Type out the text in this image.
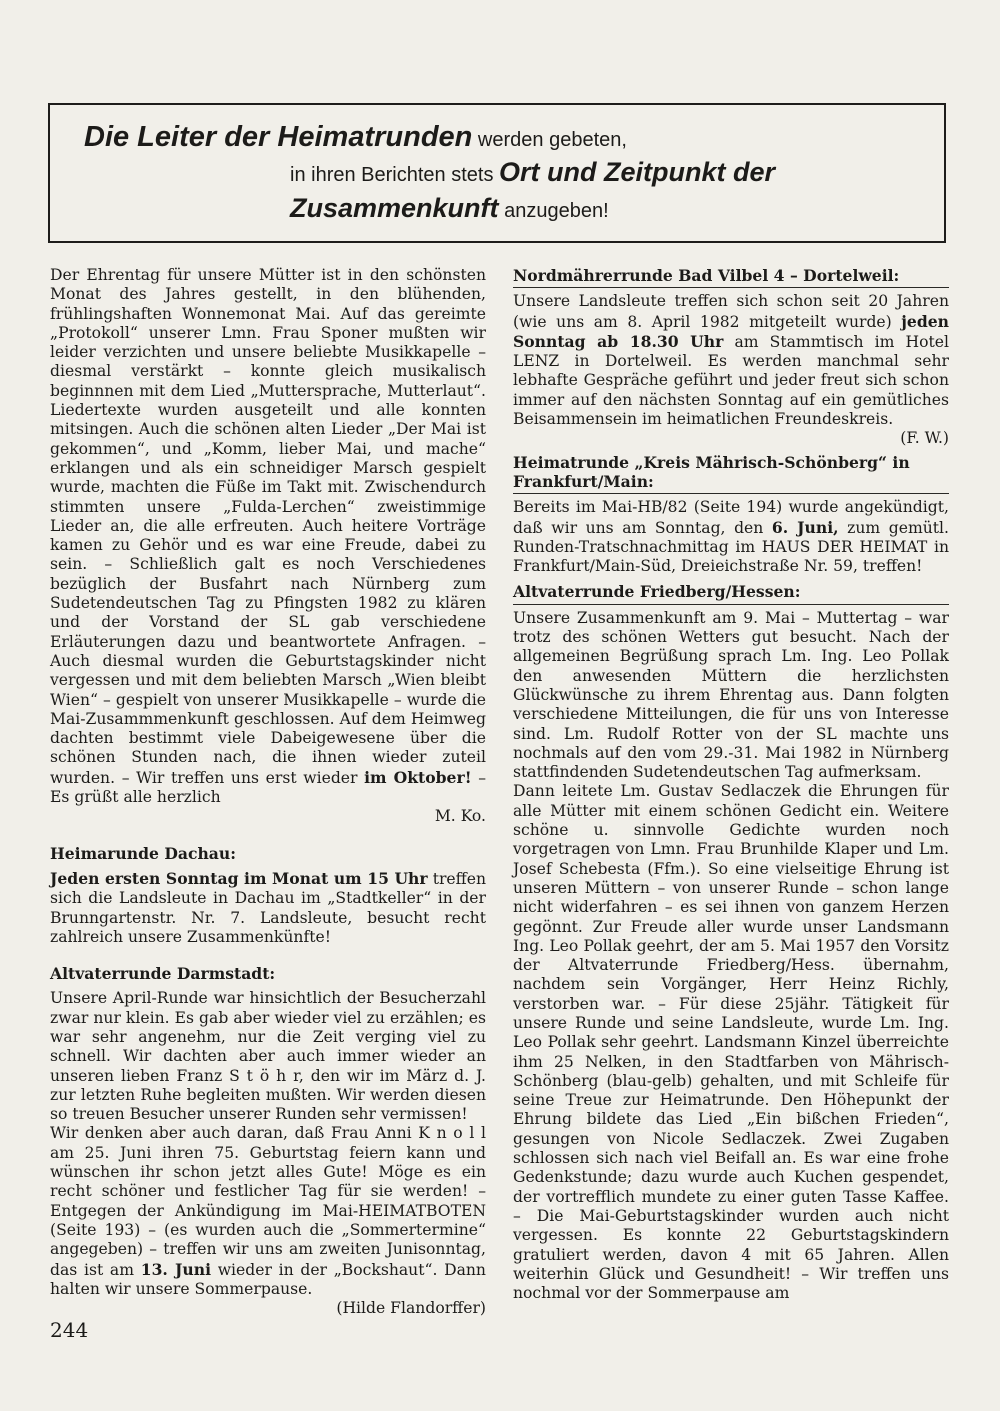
Die Leiter der Heimatrunden werden gebeten,
in ihren Berichten stets Ort und Zeitpunkt der
Zusammenkunft anzugeben!

Der Ehrentag für unsere Mütter ist in den schönsten Monat des Jahres gestellt, in den blühenden, frühlingshaften Wonnemonat Mai. Auf das gereimte „Protokoll“ unserer Lmn. Frau Sponer mußten wir leider verzichten und unsere beliebte Musikkapelle – diesmal verstärkt – konnte gleich musikalisch beginnnen mit dem Lied „Muttersprache, Mutterlaut“. Liedertexte wurden ausgeteilt und alle konnten mitsingen. Auch die schönen alten Lieder „Der Mai ist gekommen“, und „Komm, lieber Mai, und mache“ erklangen und als ein schneidiger Marsch gespielt wurde, machten die Füße im Takt mit. Zwischendurch stimmten unsere „Fulda-Lerchen“ zweistimmige Lieder an, die alle erfreuten. Auch heitere Vorträge kamen zu Gehör und es war eine Freude, dabei zu sein. – Schließlich galt es noch Verschiedenes bezüglich der Busfahrt nach Nürnberg zum Sudetendeutschen Tag zu Pfingsten 1982 zu klären und der Vorstand der SL gab verschiedene Erläuterungen dazu und beantwortete Anfragen. – Auch diesmal wurden die Geburtstagskinder nicht vergessen und mit dem beliebten Marsch „Wien bleibt Wien“ – gespielt von unserer Musikkapelle – wurde die Mai-Zusammmenkunft geschlossen. Auf dem Heimweg dachten bestimmt viele Dabeigewesene über die schönen Stunden nach, die ihnen wieder zuteil wurden. – Wir treffen uns erst wieder im Oktober! – Es grüßt alle herzlich

M. Ko.

Heimarunde Dachau:

Jeden ersten Sonntag im Monat um 15 Uhr treffen sich die Landsleute in Dachau im „Stadtkeller“ in der Brunngartenstr. Nr. 7. Landsleute, besucht recht zahlreich unsere Zusammenkünfte!

Altvaterrunde Darmstadt:

Unsere April-Runde war hinsichtlich der Besucherzahl zwar nur klein. Es gab aber wieder viel zu erzählen; es war sehr angenehm, nur die Zeit verging viel zu schnell. Wir dachten aber auch immer wieder an unseren lieben Franz S t ö h r, den wir im März d. J. zur letzten Ruhe begleiten mußten. Wir werden diesen so treuen Besucher unserer Runden sehr vermissen!

Wir denken aber auch daran, daß Frau Anni K n o l l am 25. Juni ihren 75. Geburtstag feiern kann und wünschen ihr schon jetzt alles Gute! Möge es ein recht schöner und festlicher Tag für sie werden! – Entgegen der Ankündigung im Mai-HEIMATBOTEN (Seite 193) – (es wurden auch die „Sommertermine“ angegeben) – treffen wir uns am zweiten Junisonntag, das ist am 13. Juni wieder in der „Bockshaut“. Dann halten wir unsere Sommerpause.

(Hilde Flandorffer)

Nordmährerrunde Bad Vilbel 4 – Dortelweil:

Unsere Landsleute treffen sich schon seit 20 Jahren (wie uns am 8. April 1982 mitgeteilt wurde) jeden Sonntag ab 18.30 Uhr am Stammtisch im Hotel LENZ in Dortelweil. Es werden manchmal sehr lebhafte Gespräche geführt und jeder freut sich schon immer auf den nächsten Sonntag auf ein gemütliches Beisammensein im heimatlichen Freundeskreis.

(F. W.)

Heimatrunde „Kreis Mährisch-Schönberg“ in Frankfurt/Main:

Bereits im Mai-HB/82 (Seite 194) wurde angekündigt, daß wir uns am Sonntag, den 6. Juni, zum gemütl. Runden-Tratschnachmittag im HAUS DER HEIMAT in Frankfurt/Main-Süd, Dreieichstraße Nr. 59, treffen!

Altvaterrunde Friedberg/Hessen:

Unsere Zusammenkunft am 9. Mai – Muttertag – war trotz des schönen Wetters gut besucht. Nach der allgemeinen Begrüßung sprach Lm. Ing. Leo Pollak den anwesenden Müttern die herzlichsten Glückwünsche zu ihrem Ehrentag aus. Dann folgten verschiedene Mitteilungen, die für uns von Interesse sind. Lm. Rudolf Rotter von der SL machte uns nochmals auf den vom 29.-31. Mai 1982 in Nürnberg stattfindenden Sudetendeutschen Tag aufmerksam.

Dann leitete Lm. Gustav Sedlaczek die Ehrungen für alle Mütter mit einem schönen Gedicht ein. Weitere schöne u. sinnvolle Gedichte wurden noch vorgetragen von Lmn. Frau Brunhilde Klaper und Lm. Josef Schebesta (Ffm.). So eine vielseitige Ehrung ist unseren Müttern – von unserer Runde – schon lange nicht widerfahren – es sei ihnen von ganzem Herzen gegönnt. Zur Freude aller wurde unser Landsmann Ing. Leo Pollak geehrt, der am 5. Mai 1957 den Vorsitz der Altvaterrunde Friedberg/Hess. übernahm, nachdem sein Vorgänger, Herr Heinz Richly, verstorben war. – Für diese 25jähr. Tätigkeit für unsere Runde und seine Landsleute, wurde Lm. Ing. Leo Pollak sehr geehrt. Landsmann Kinzel überreichte ihm 25 Nelken, in den Stadtfarben von Mährisch-Schönberg (blau-gelb) gehalten, und mit Schleife für seine Treue zur Heimatrunde. Den Höhepunkt der Ehrung bildete das Lied „Ein bißchen Frieden“, gesungen von Nicole Sedlaczek. Zwei Zugaben schlossen sich nach viel Beifall an. Es war eine frohe Gedenkstunde; dazu wurde auch Kuchen gespendet, der vortrefflich mundete zu einer guten Tasse Kaffee. – Die Mai-Geburtstagskinder wurden auch nicht vergessen. Es konnte 22 Geburtstagskindern gratuliert werden, davon 4 mit 65 Jahren. Allen weiterhin Glück und Gesundheit! – Wir treffen uns nochmal vor der Sommerpause am

244
